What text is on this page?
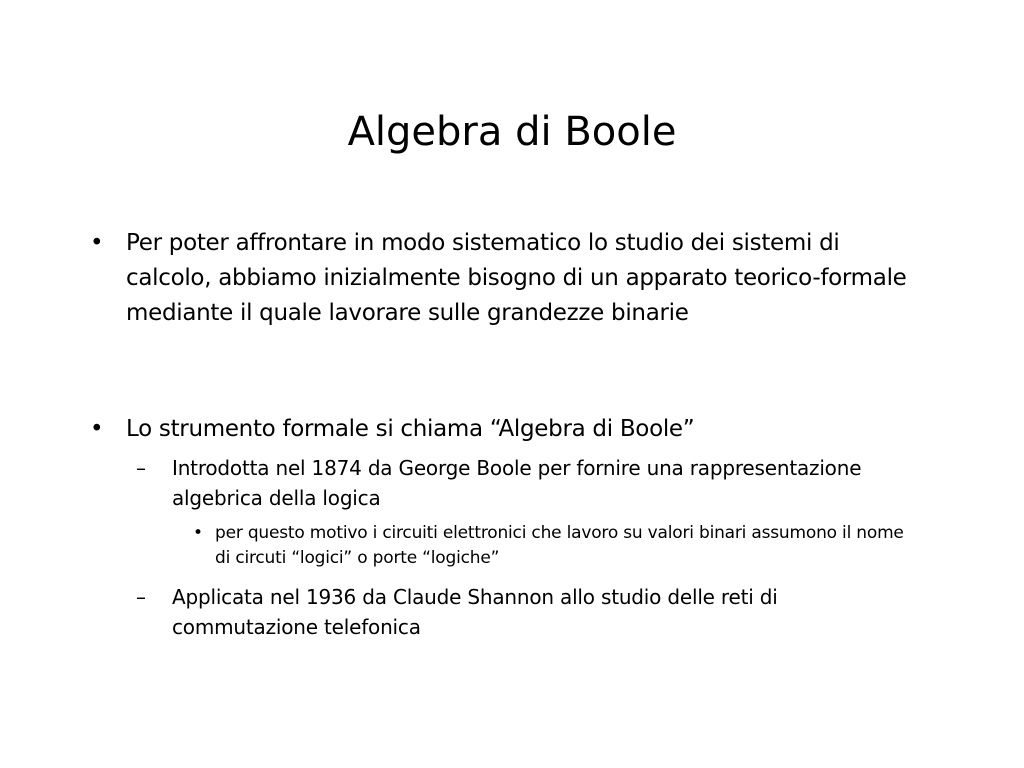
Algebra di Boole

• Per poter affrontare in modo sistematico lo studio dei sistemi di calcolo, abbiamo inizialmente bisogno di un apparato teorico-formale mediante il quale lavorare sulle grandezze binarie

• Lo strumento formale si chiama “Algebra di Boole”

– Introdotta nel 1874 da George Boole per fornire una rappresentazione algebrica della logica

• per questo motivo i circuiti elettronici che lavoro su valori binari assumono il nome di circuti “logici” o porte “logiche”

– Applicata nel 1936 da Claude Shannon allo studio delle reti di commutazione telefonica
